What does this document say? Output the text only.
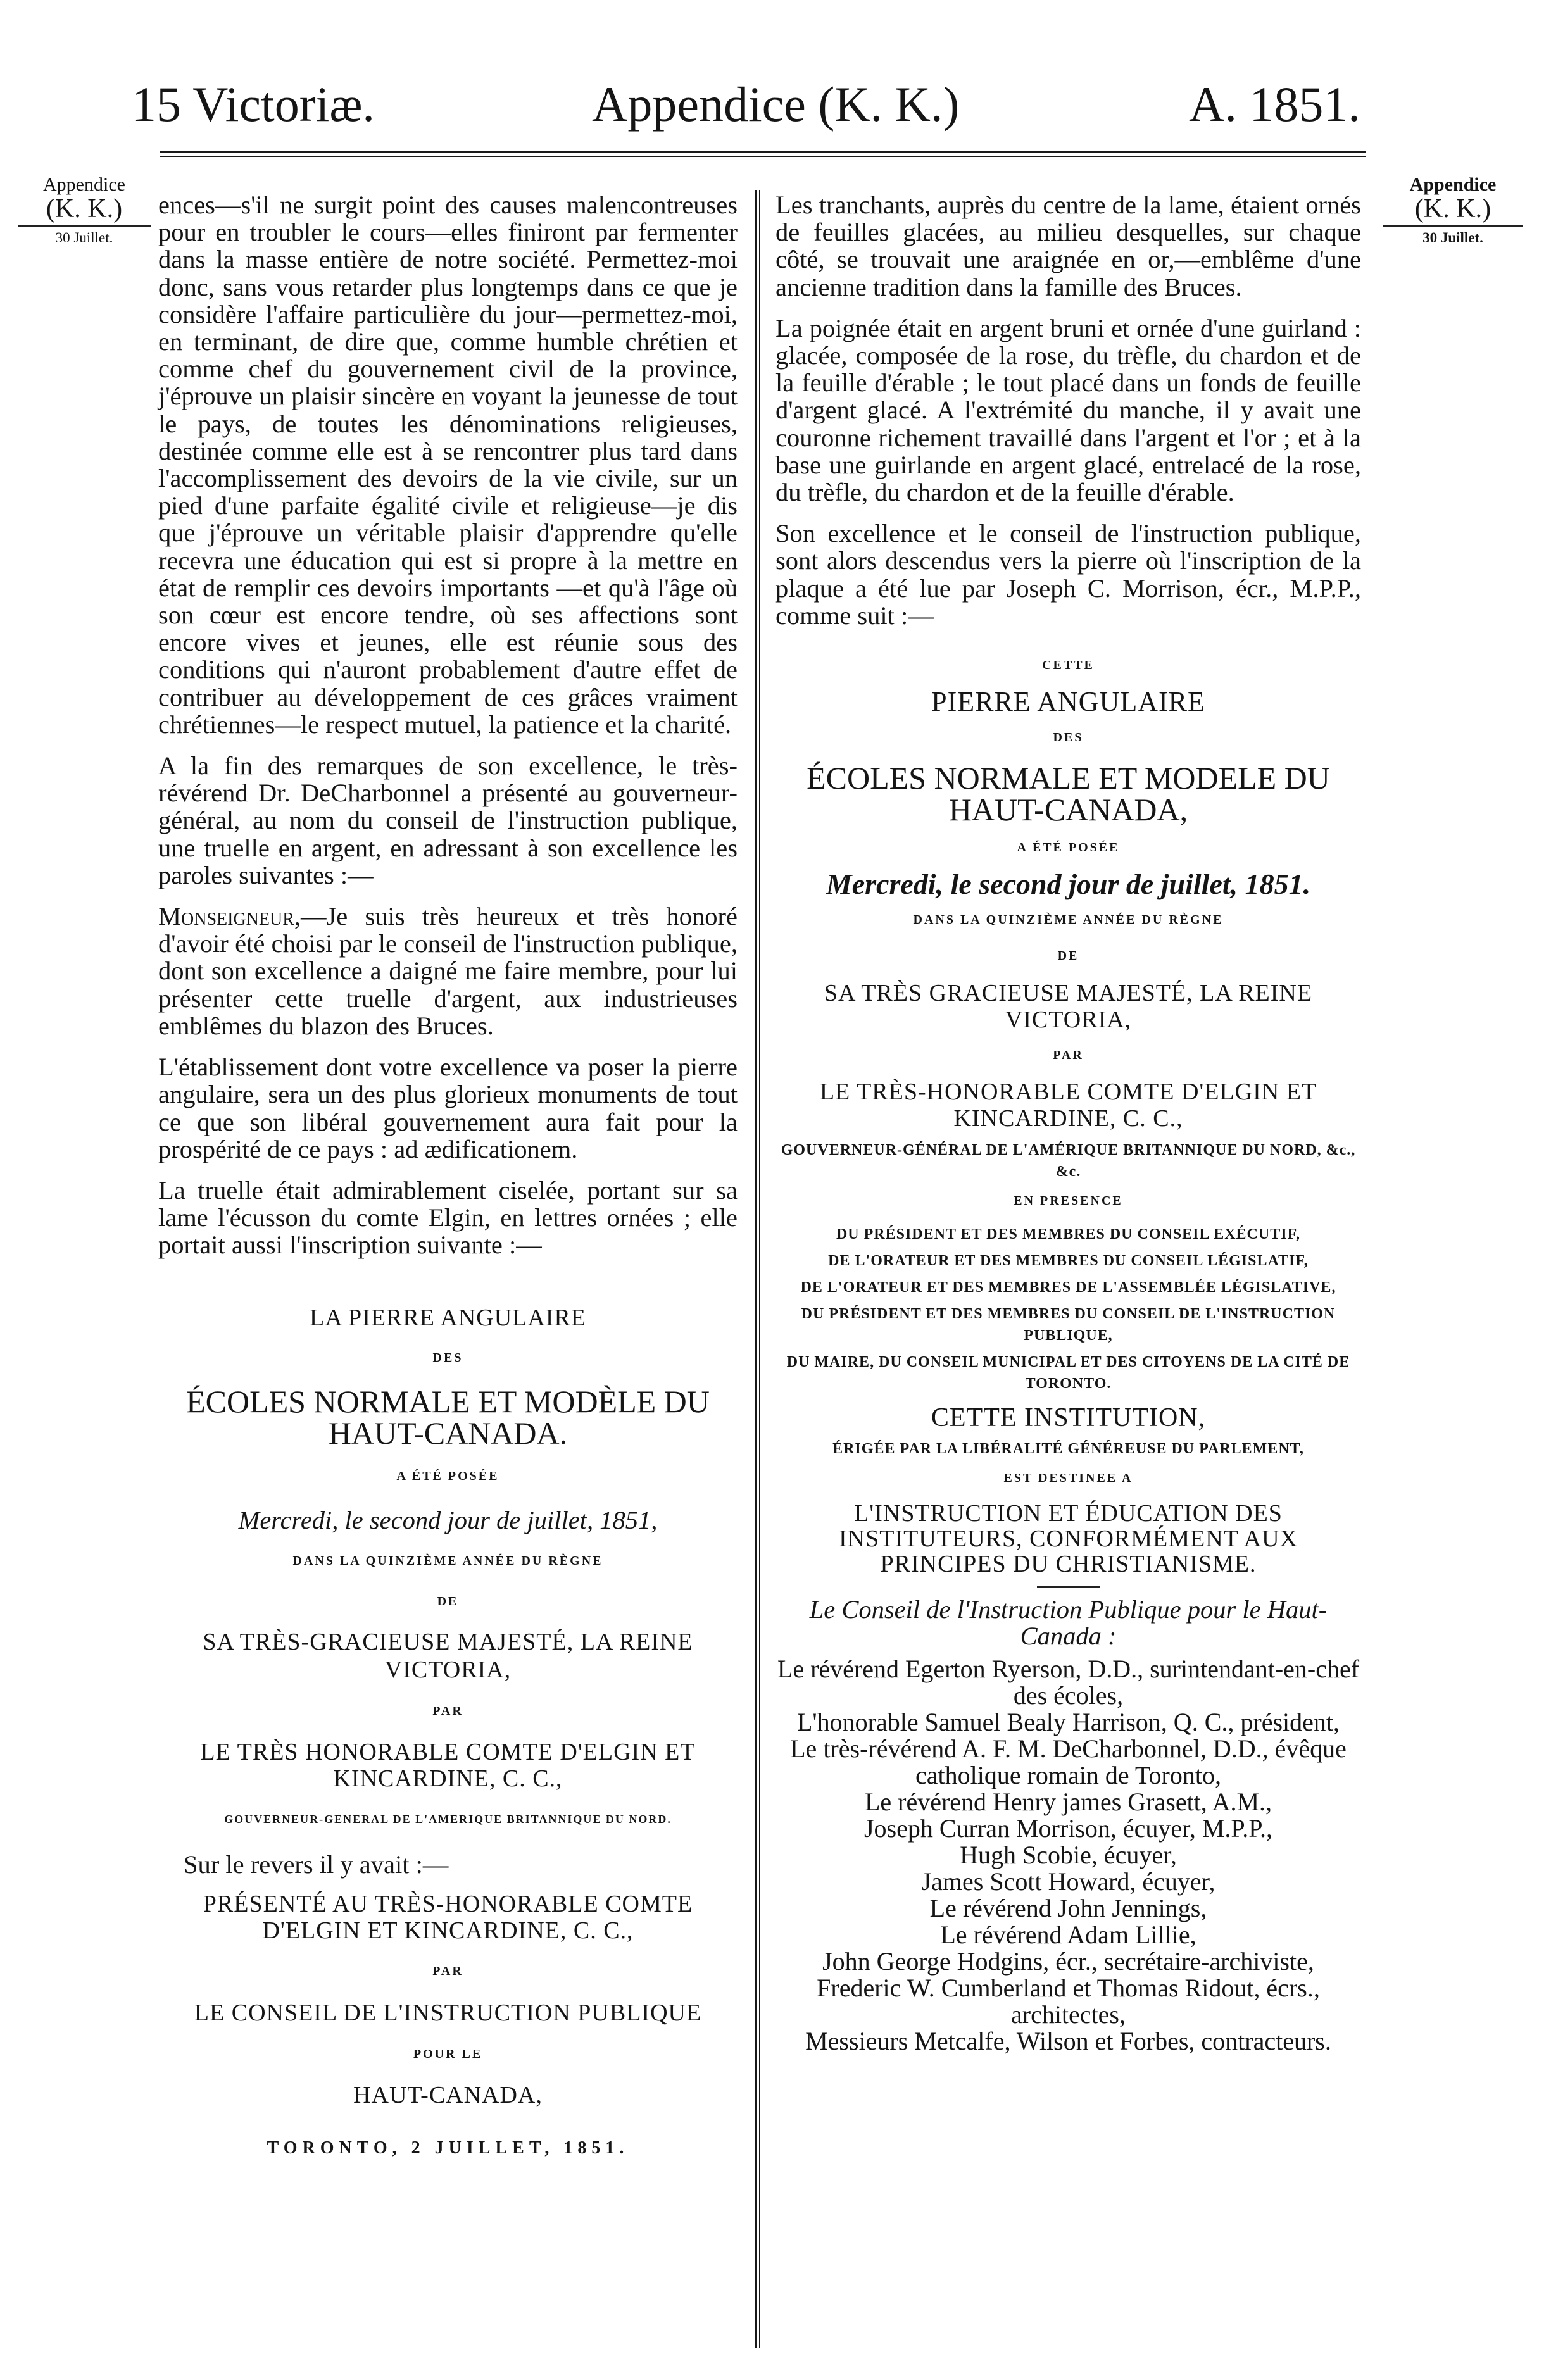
15 Victoriæ.	Appendice (K. K.)	A. 1851.
Appendice
(K. K.)
30 Juillet.
Appendice
(K. K.)
30 Juillet.

ences—s'il ne surgit point des causes malencontreuses pour en troubler le cours—elles finiront par fermenter dans la masse entière de notre société. Permettez-moi donc, sans vous retarder plus longtemps dans ce que je considère l'affaire particulière du jour—permettez-moi, en terminant, de dire que, comme humble chrétien et comme chef du gouvernement civil de la province, j'éprouve un plaisir sincère en voyant la jeunesse de tout le pays, de toutes les dénominations religieuses, destinée comme elle est à se rencontrer plus tard dans l'accomplissement des devoirs de la vie civile, sur un pied d'une parfaite égalité civile et religieuse—je dis que j'éprouve un véritable plaisir d'apprendre qu'elle recevra une éducation qui est si propre à la mettre en état de remplir ces devoirs importants —et qu'à l'âge où son cœur est encore tendre, où ses affections sont encore vives et jeunes, elle est réunie sous des conditions qui n'auront probablement d'autre effet de contribuer au développement de ces grâces vraiment chrétiennes—le respect mutuel, la patience et la charité.

A la fin des remarques de son excellence, le très-révérend Dr. DeCharbonnel a présenté au gouverneur-général, au nom du conseil de l'instruction publique, une truelle en argent, en adressant à son excellence les paroles suivantes :—

Monseigneur,—Je suis très heureux et très honoré d'avoir été choisi par le conseil de l'instruction publique, dont son excellence a daigné me faire membre, pour lui présenter cette truelle d'argent, aux industrieuses emblêmes du blazon des Bruces.

L'établissement dont votre excellence va poser la pierre angulaire, sera un des plus glorieux monuments de tout ce que son libéral gouvernement aura fait pour la prospérité de ce pays : ad ædificationem.

La truelle était admirablement ciselée, portant sur sa lame l'écusson du comte Elgin, en lettres ornées ; elle portait aussi l'inscription suivante :—

LA PIERRE ANGULAIRE
DES
ÉCOLES NORMALE ET MODÈLE DU HAUT-CANADA.
A ÉTÉ POSÉE
Mercredi, le second jour de juillet, 1851,
DANS LA QUINZIÈME ANNÉE DU RÈGNE
DE
SA TRÈS-GRACIEUSE MAJESTÉ, LA REINE VICTORIA,
PAR
LE TRÈS HONORABLE COMTE D'ELGIN ET KINCARDINE, C. C.,
GOUVERNEUR-GENERAL DE L'AMERIQUE BRITANNIQUE DU NORD.
Sur le revers il y avait :—
PRÉSENTÉ AU TRÈS-HONORABLE COMTE D'ELGIN ET KINCARDINE, C. C.,
PAR
LE CONSEIL DE L'INSTRUCTION PUBLIQUE
POUR LE
HAUT-CANADA,
TORONTO, 2 JUILLET, 1851.

Les tranchants, auprès du centre de la lame, étaient ornés de feuilles glacées, au milieu desquelles, sur chaque côté, se trouvait une araignée en or,—emblême d'une ancienne tradition dans la famille des Bruces.

La poignée était en argent bruni et ornée d'une guirland : glacée, composée de la rose, du trèfle, du chardon et de la feuille d'érable ; le tout placé dans un fonds de feuille d'argent glacé. A l'extrémité du manche, il y avait une couronne richement travaillé dans l'argent et l'or ; et à la base une guirlande en argent glacé, entrelacé de la rose, du trèfle, du chardon et de la feuille d'érable.

Son excellence et le conseil de l'instruction publique, sont alors descendus vers la pierre où l'inscription de la plaque a été lue par Joseph C. Morrison, écr., M.P.P., comme suit :—

CETTE
PIERRE ANGULAIRE
DES
ÉCOLES NORMALE ET MODELE DU HAUT-CANADA,
A ÉTÉ POSÉE
Mercredi, le second jour de juillet, 1851.
DANS LA QUINZIÈME ANNÉE DU RÈGNE
DE
SA TRÈS GRACIEUSE MAJESTÉ, LA REINE VICTORIA,
PAR
LE TRÈS-HONORABLE COMTE D'ELGIN ET KINCARDINE, C. C.,
GOUVERNEUR-GÉNÉRAL DE L'AMÉRIQUE BRITANNIQUE DU NORD, &c., &c.
EN PRESENCE
DU PRÉSIDENT ET DES MEMBRES DU CONSEIL EXÉCUTIF,
DE L'ORATEUR ET DES MEMBRES DU CONSEIL LÉGISLATIF,
DE L'ORATEUR ET DES MEMBRES DE L'ASSEMBLÉE LÉGISLATIVE,
DU PRÉSIDENT ET DES MEMBRES DU CONSEIL DE L'INSTRUCTION PUBLIQUE,
DU MAIRE, DU CONSEIL MUNICIPAL ET DES CITOYENS DE LA CITÉ DE TORONTO.
CETTE INSTITUTION,
ÉRIGÉE PAR LA LIBÉRALITÉ GÉNÉREUSE DU PARLEMENT,
EST DESTINEE A
L'INSTRUCTION ET ÉDUCATION DES INSTITUTEURS, CONFORMÉMENT AUX PRINCIPES DU CHRISTIANISME.
Le Conseil de l'Instruction Publique pour le Haut-Canada :
Le révérend Egerton Ryerson, D.D., surintendant-en-chef des écoles,
L'honorable Samuel Bealy Harrison, Q. C., président,
Le très-révérend A. F. M. DeCharbonnel, D.D., évêque catholique romain de Toronto,
Le révérend Henry james Grasett, A.M.,
Joseph Curran Morrison, écuyer, M.P.P.,
Hugh Scobie, écuyer,
James Scott Howard, écuyer,
Le révérend John Jennings,
Le révérend Adam Lillie,
John George Hodgins, écr., secrétaire-archiviste,
Frederic W. Cumberland et Thomas Ridout, écrs., architectes,
Messieurs Metcalfe, Wilson et Forbes, contracteurs.
